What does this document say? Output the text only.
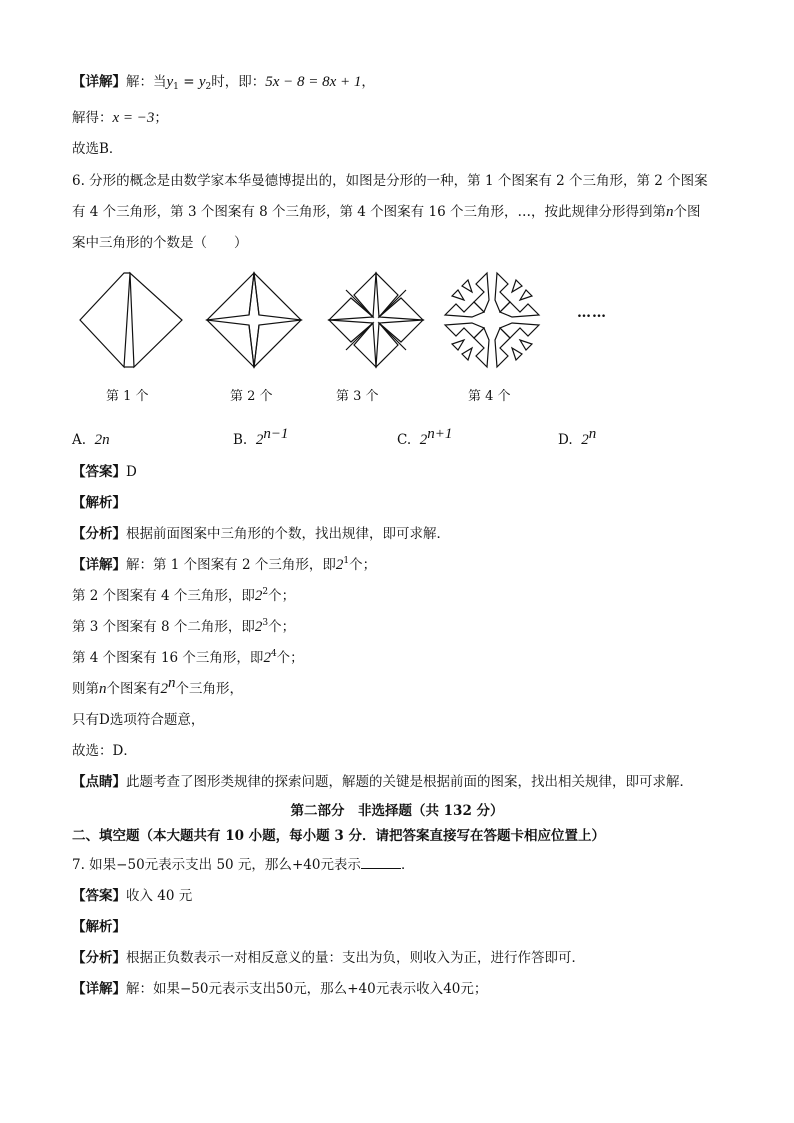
【详解】解：当$y_1 = y_2$时，即：5x − 8 = 8x + 1，
解得：x = −3；
故选B．
6. 分形的概念是由数学家本华曼德博提出的，如图是分形的一种，第 1 个图案有 2 个三角形，第 2 个图案
有 4 个三角形，第 3 个图案有 8 个三角形，第 4 个图案有 16 个三角形，…，按此规律分形得到第n个图
案中三角形的个数是（　　）
……
第 1 个	第 2 个	第 3 个	第 4 个
A. 2n	B. $2^{n-1}$	C. $2^{n+1}$	D. 2$^n$
【答案】D
【解析】
【分析】根据前面图案中三角形的个数，找出规律，即可求解．
【详解】解：第 1 个图案有 2 个三角形，即$2^1$个；
第 2 个图案有 4 个三角形，即$2^2$个；
第 3 个图案有 8 个二角形，即$2^3$个；
第 4 个图案有 16 个三角形，即$2^4$个；
则第n个图案有2$^n$个三角形，
只有D选项符合题意，
故选：D．
【点睛】此题考查了图形类规律的探索问题，解题的关键是根据前面的图案，找出相关规律，即可求解．
第二部分　非选择题（共 132 分）
二、填空题（本大题共有 10 小题，每小题 3 分．请把答案直接写在答题卡相应位置上）
7. 如果−50元表示支出 50 元，那么+40元表示	．
【答案】收入 40 元
【解析】
【分析】根据正负数表示一对相反意义的量：支出为负，则收入为正，进行作答即可．
【详解】解：如果−50元表示支出50元，那么+40元表示收入40元；
